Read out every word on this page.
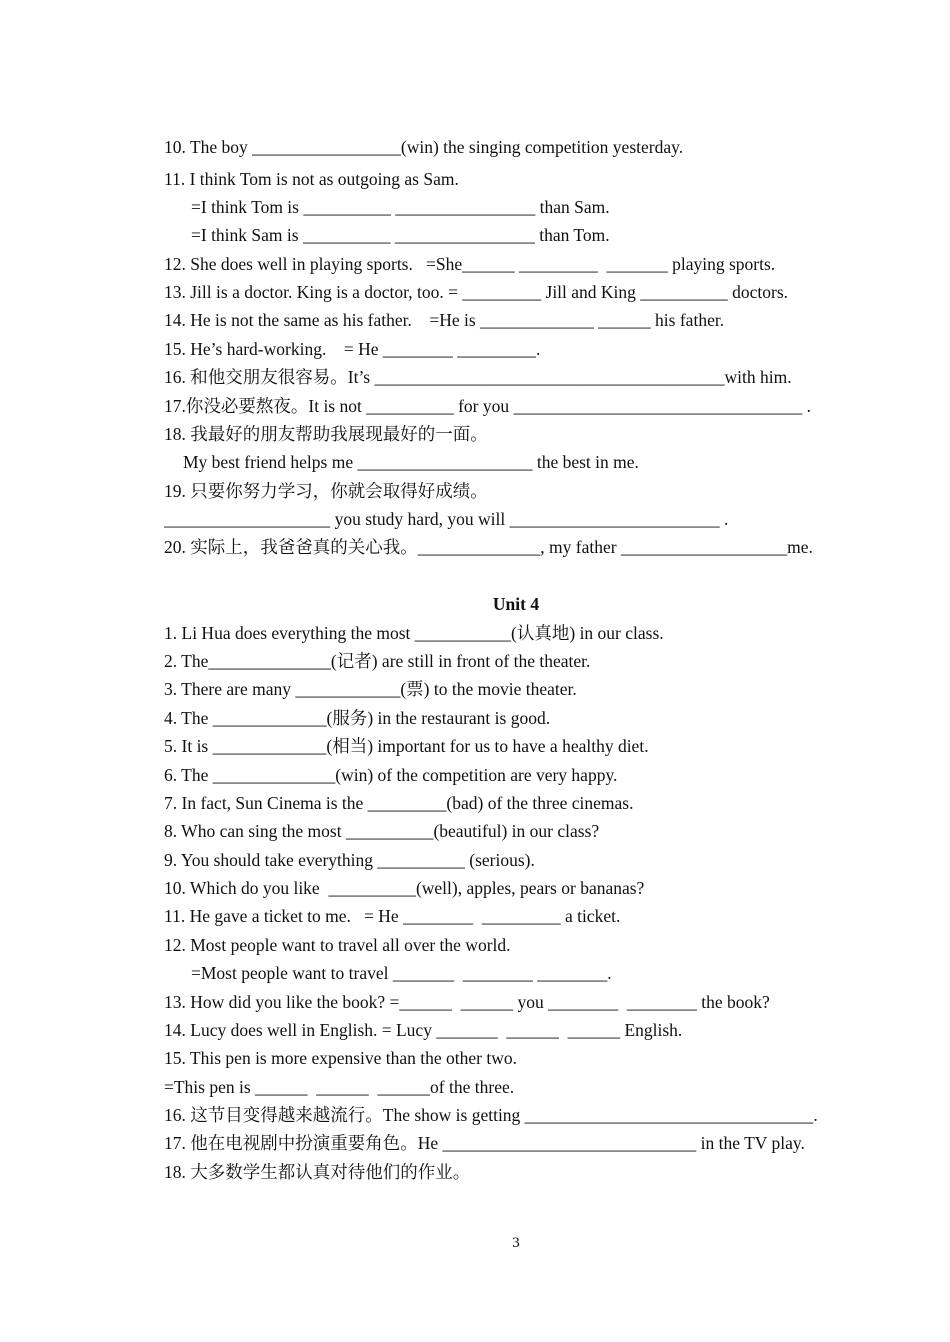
10. The boy _________________(win) the singing competition yesterday.

11. I think Tom is not as outgoing as Sam.

=I think Tom is __________ ________________ than Sam.

=I think Sam is __________ ________________ than Tom.

12. She does well in playing sports.   =She______ _________  _______ playing sports.

13. Jill is a doctor. King is a doctor, too. = _________ Jill and King __________ doctors.

14. He is not the same as his father.    =He is _____________ ______ his father.

15. He’s hard-working.    = He ________ _________.

16. 和他交朋友很容易。It’s ________________________________________with him.

17.你没必要熬夜。It is not __________ for you _________________________________ .

18. 我最好的朋友帮助我展现最好的一面。

My best friend helps me ____________________ the best in me.

19. 只要你努力学习，你就会取得好成绩。

___________________ you study hard, you will ________________________ .

20. 实际上，我爸爸真的关心我。______________, my father ___________________me.

Unit 4

1. Li Hua does everything the most ___________(认真地) in our class.

2. The______________(记者) are still in front of the theater.

3. There are many ____________(票) to the movie theater.

4. The _____________(服务) in the restaurant is good.

5. It is _____________(相当) important for us to have a healthy diet.

6. The ______________(win) of the competition are very happy.

7. In fact, Sun Cinema is the _________(bad) of the three cinemas.

8. Who can sing the most __________(beautiful) in our class?

9. You should take everything __________ (serious).

10. Which do you like  __________(well), apples, pears or bananas?

11. He gave a ticket to me.   = He ________  _________ a ticket.

12. Most people want to travel all over the world.

=Most people want to travel _______  ________ ________.

13. How did you like the book? =______  ______ you ________  ________ the book?

14. Lucy does well in English. = Lucy _______  ______  ______ English.

15. This pen is more expensive than the other two.

=This pen is ______  ______  ______of the three.

16. 这节目变得越来越流行。The show is getting _________________________________.

17. 他在电视剧中扮演重要角色。He _____________________________ in the TV play.

18. 大多数学生都认真对待他们的作业。

3
